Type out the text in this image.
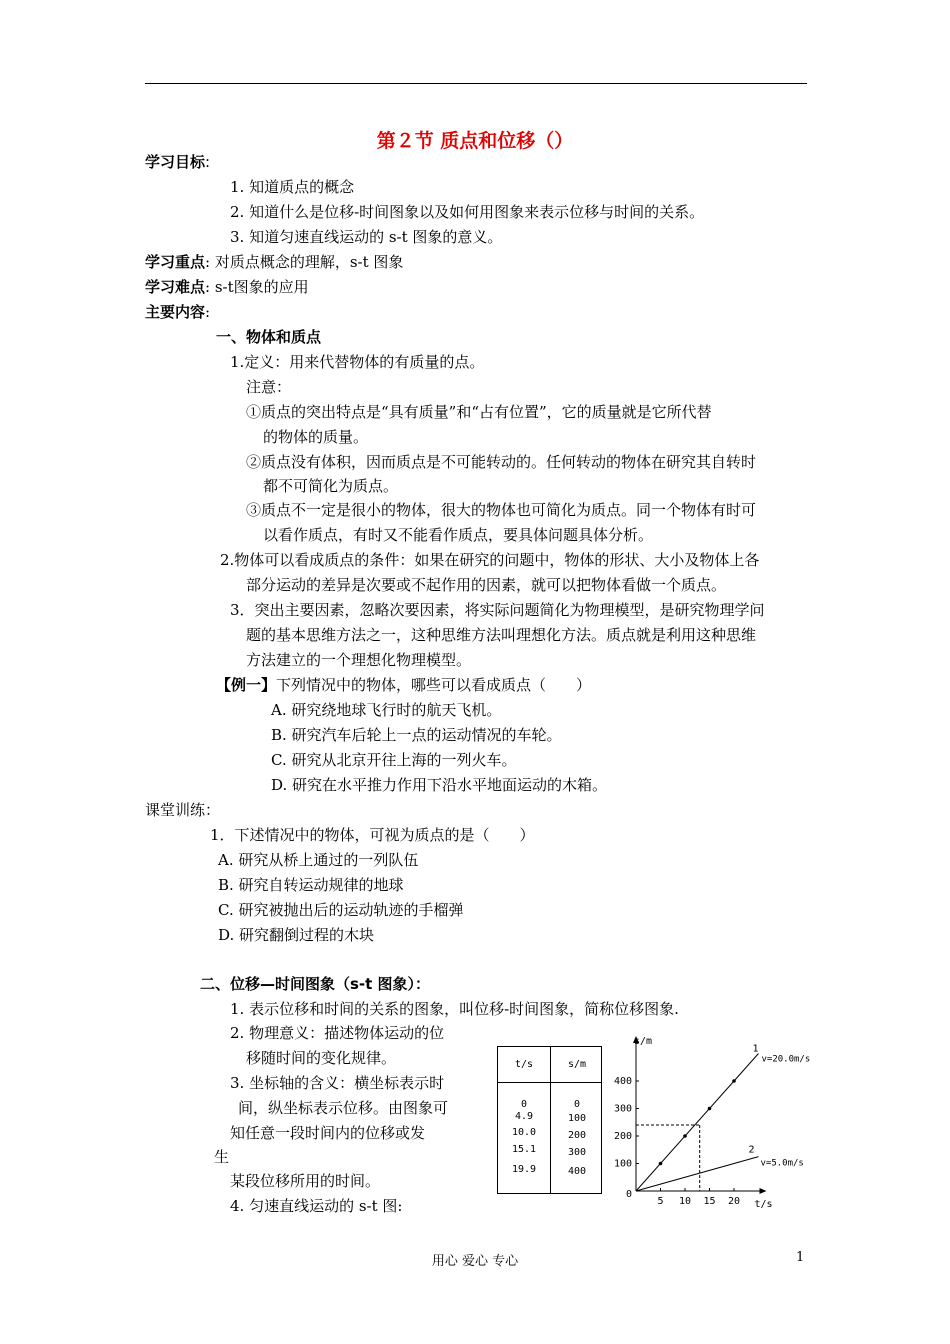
第２节 质点和位移（）
学习目标:
1. 知道质点的概念
2. 知道什么是位移-时间图象以及如何用图象来表示位移与时间的关系。
3. 知道匀速直线运动的 s-t 图象的意义。
学习重点: 对质点概念的理解，s-t 图象
学习难点: s-t图象的应用
主要内容:
一、物体和质点
1.定义：用来代替物体的有质量的点。
注意：
①质点的突出特点是“具有质量”和“占有位置”，它的质量就是它所代替
的物体的质量。
②质点没有体积，因而质点是不可能转动的。任何转动的物体在研究其自转时
都不可简化为质点。
③质点不一定是很小的物体，很大的物体也可简化为质点。同一个物体有时可
以看作质点，有时又不能看作质点，要具体问题具体分析。
2.物体可以看成质点的条件：如果在研究的问题中，物体的形状、大小及物体上各
部分运动的差异是次要或不起作用的因素，就可以把物体看做一个质点。
3．突出主要因素，忽略次要因素，将实际问题简化为物理模型，是研究物理学问
题的基本思维方法之一，这种思维方法叫理想化方法。质点就是利用这种思维
方法建立的一个理想化物理模型。
【例一】下列情况中的物体，哪些可以看成质点（　　）
A. 研究绕地球飞行时的航天飞机。
B. 研究汽车后轮上一点的运动情况的车轮。
C. 研究从北京开往上海的一列火车。
D. 研究在水平推力作用下沿水平地面运动的木箱。
课堂训练：
1．下述情况中的物体，可视为质点的是（　　）
A. 研究从桥上通过的一列队伍
B. 研究自转运动规律的地球
C. 研究被抛出后的运动轨迹的手榴弹
D. 研究翻倒过程的木块
二、位移—时间图象（s-t 图象）：
1. 表示位移和时间的关系的图象，叫位移-时间图象，简称位移图象.
2. 物理意义：描述物体运动的位
移随时间的变化规律。
3. 坐标轴的含义：横坐标表示时
间，纵坐标表示位移。由图象可
知任意一段时间内的位移或发
生
某段位移所用的时间。
4. 匀速直线运动的 s-t 图:
t/s	s/m
0
4.9
10.0
15.1
19.9
0
100
200
300
400
s/m
t/s
0
5 10 15 20
100
200
300
400
1
v=20.0m/s
2
v=5.0m/s
用心 爱心 专心	1
